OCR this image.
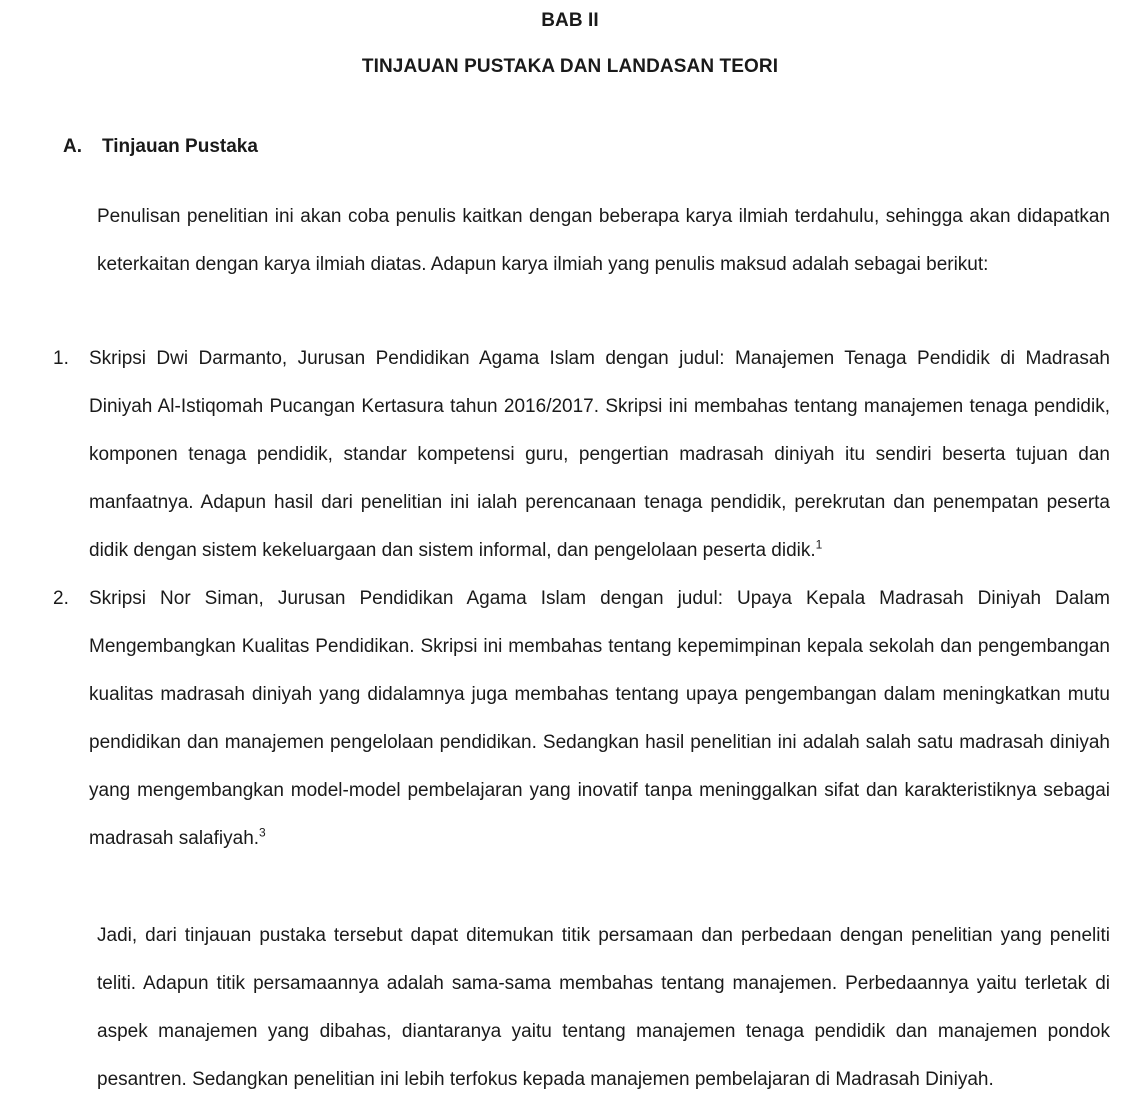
BAB II
TINJAUAN PUSTAKA DAN LANDASAN TEORI
A.	Tinjauan Pustaka

Penulisan penelitian ini akan coba penulis kaitkan dengan beberapa karya ilmiah terdahulu, sehingga akan didapatkan keterkaitan dengan karya ilmiah diatas. Adapun karya ilmiah yang penulis maksud adalah sebagai berikut:

1.	Skripsi Dwi Darmanto, Jurusan Pendidikan Agama Islam dengan judul: Manajemen Tenaga Pendidik di Madrasah Diniyah Al-Istiqomah Pucangan Kertasura tahun 2016/2017. Skripsi ini membahas tentang manajemen tenaga pendidik, komponen tenaga pendidik, standar kompetensi guru, pengertian madrasah diniyah itu sendiri beserta tujuan dan manfaatnya. Adapun hasil dari penelitian ini ialah perencanaan tenaga pendidik, perekrutan dan penempatan peserta didik dengan sistem kekeluargaan dan sistem informal, dan pengelolaan peserta didik.$^1$
2.	Skripsi Nor Siman, Jurusan Pendidikan Agama Islam dengan judul: Upaya Kepala Madrasah Diniyah Dalam Mengembangkan Kualitas Pendidikan. Skripsi ini membahas tentang kepemimpinan kepala sekolah dan pengembangan kualitas madrasah diniyah yang didalamnya juga membahas tentang upaya pengembangan dalam meningkatkan mutu pendidikan dan manajemen pengelolaan pendidikan. Sedangkan hasil penelitian ini adalah salah satu madrasah diniyah yang mengembangkan model-model pembelajaran yang inovatif tanpa meninggalkan sifat dan karakteristiknya sebagai madrasah salafiyah.$^3$

Jadi, dari tinjauan pustaka tersebut dapat ditemukan titik persamaan dan perbedaan dengan penelitian yang peneliti teliti. Adapun titik persamaannya adalah sama-sama membahas tentang manajemen. Perbedaannya yaitu terletak di aspek manajemen yang dibahas, diantaranya yaitu tentang manajemen tenaga pendidik dan manajemen pondok pesantren. Sedangkan penelitian ini lebih terfokus kepada manajemen pembelajaran di Madrasah Diniyah.
